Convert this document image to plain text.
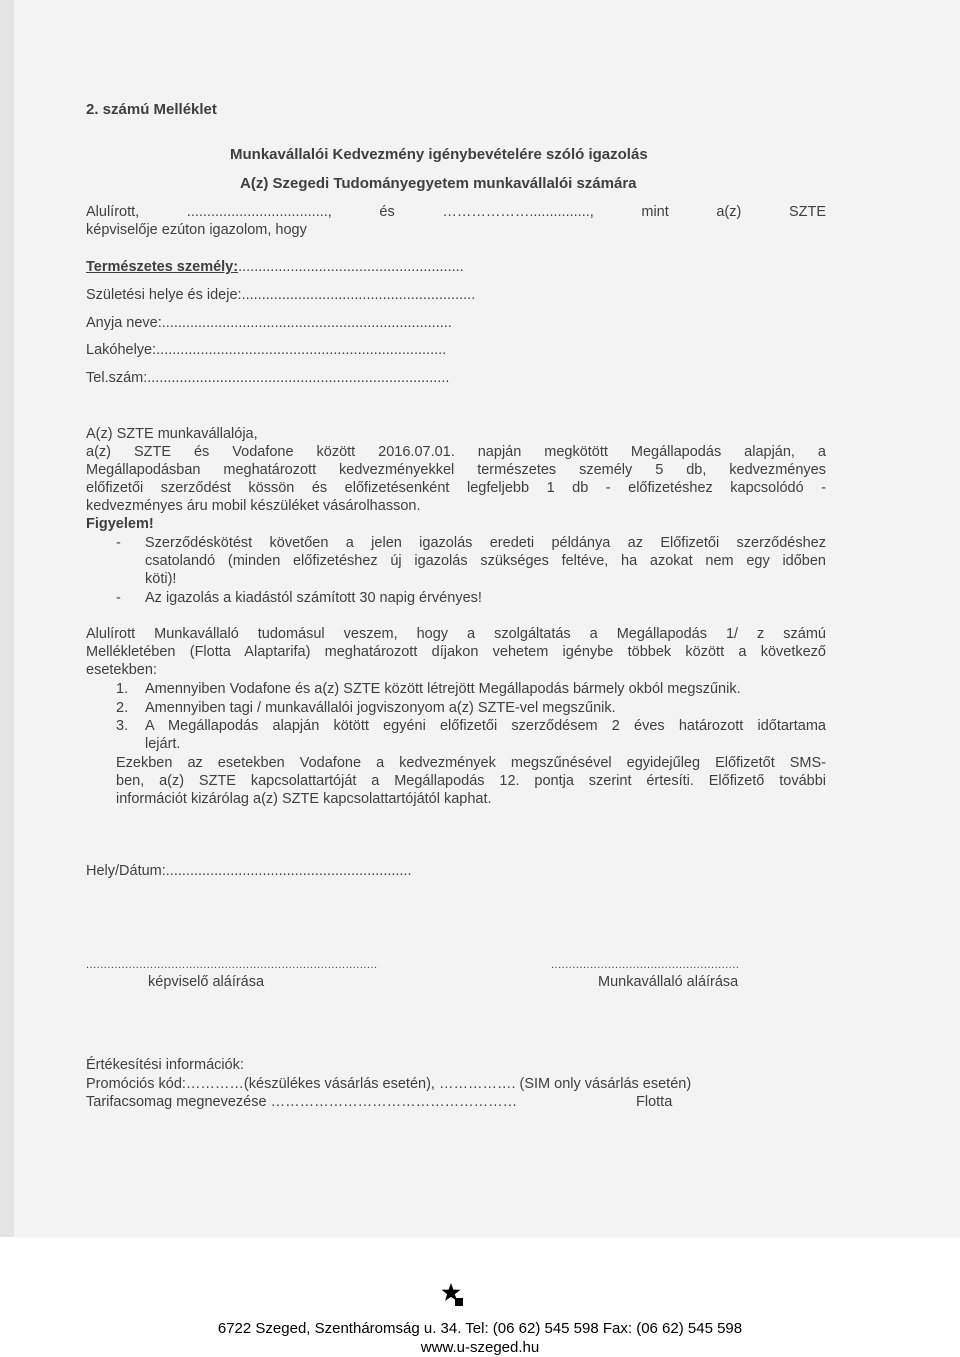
2. számú Melléklet
Munkavállalói Kedvezmény igénybevételére szóló igazolás
A(z) Szegedi Tudományegyetem munkavállalói számára
Alulírott, ..................................., és ………………..............., mint a(z) SZTE
képviselője ezúton igazolom, hogy
Természetes személy:........................................................
Születési helye és ideje:..........................................................
Anyja neve:........................................................................
Lakóhelye:........................................................................
Tel.szám:...........................................................................
A(z) SZTE munkavállalója,
a(z) SZTE és Vodafone között 2016.07.01. napján megkötött Megállapodás alapján, a
Megállapodásban meghatározott kedvezményekkel természetes személy 5 db, kedvezményes
előfizetői szerződést kössön és előfizetésenként legfeljebb 1 db - előfizetéshez kapcsolódó -
kedvezményes áru mobil készüléket vásárolhasson.
Figyelem!
- Szerződéskötést követően a jelen igazolás eredeti példánya az Előfizetői szerződéshez
csatolandó (minden előfizetéshez új igazolás szükséges feltéve, ha azokat nem egy időben
köti)!
- Az igazolás a kiadástól számított 30 napig érvényes!
Alulírott Munkavállaló tudomásul veszem, hogy a szolgáltatás a Megállapodás 1/ z számú
Mellékletében (Flotta Alaptarifa) meghatározott díjakon vehetem igénybe többek között a következő
esetekben:
1. Amennyiben Vodafone és a(z) SZTE között létrejött Megállapodás bármely okból megszűnik.
2. Amennyiben tagi / munkavállalói jogviszonyom a(z) SZTE-vel megszűnik.
3. A Megállapodás alapján kötött egyéni előfizetői szerződésem 2 éves határozott időtartama
lejárt.
Ezekben az esetekben Vodafone a kedvezmények megszűnésével egyidejűleg Előfizetőt SMS-
ben, a(z) SZTE kapcsolattartóját a Megállapodás 12. pontja szerint értesíti. Előfizető további
információt kizárólag a(z) SZTE kapcsolattartójától kaphat.
Hely/Dátum:.............................................................
..................................................................................	.....................................................
képviselő aláírása	Munkavállaló aláírása
Értékesítési információk:
Promóciós kód:…………(készülékes vásárlás esetén), ……………. (SIM only vásárlás esetén)
Tarifacsomag megnevezése ……………………………………………	Flotta
6722 Szeged, Szentháromság u. 34. Tel: (06 62) 545 598 Fax: (06 62) 545 598
www.u-szeged.hu
